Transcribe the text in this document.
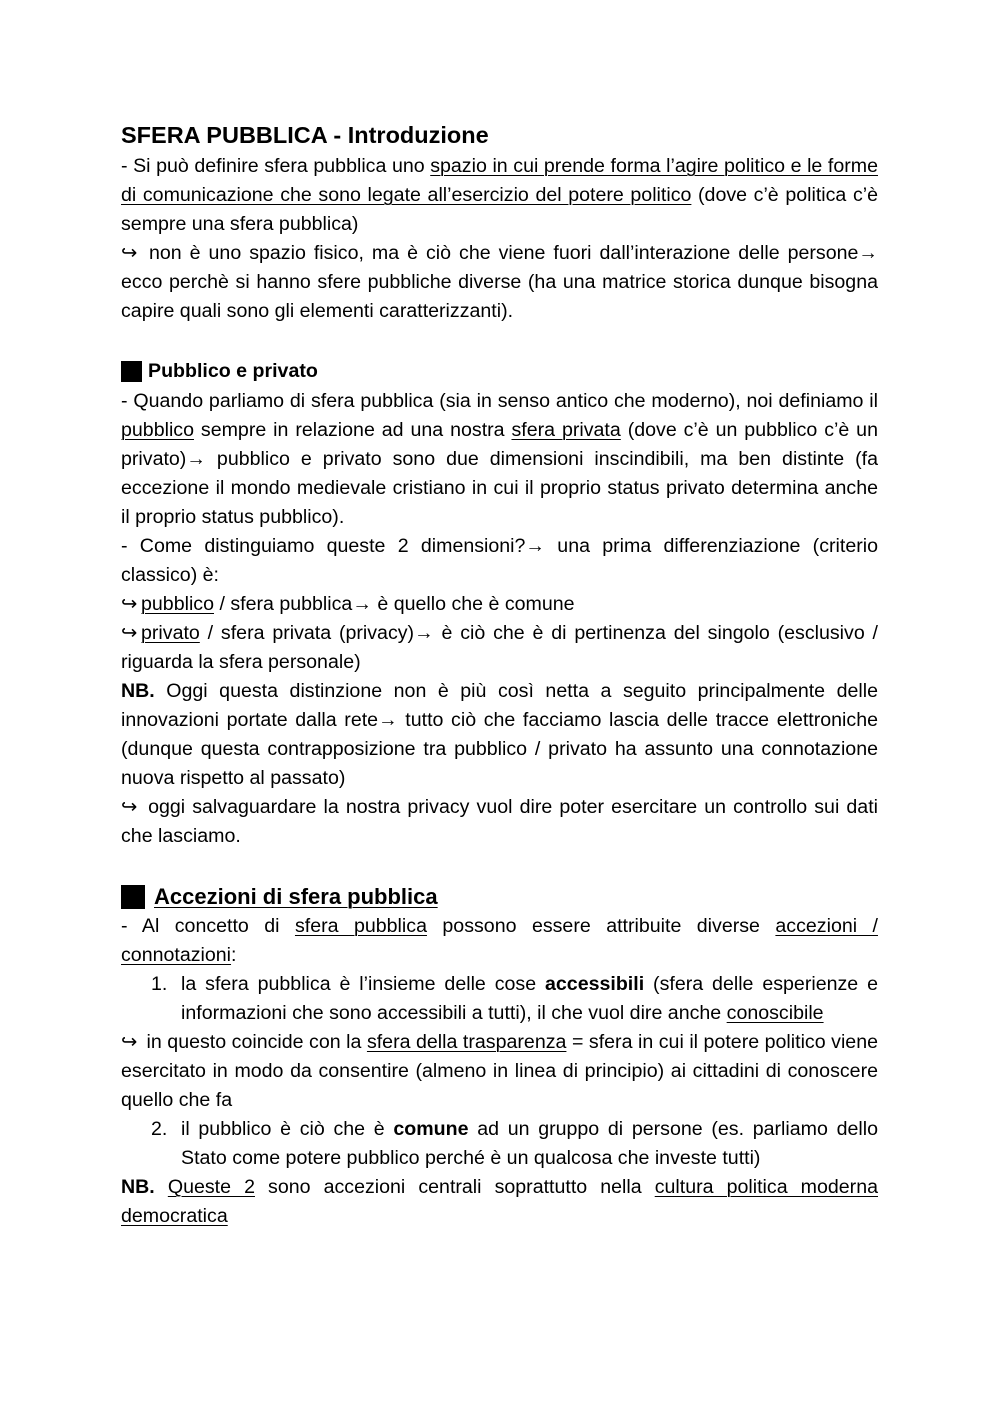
SFERA PUBBLICA - Introduzione

- Si può definire sfera pubblica uno spazio in cui prende forma l’agire politico e le forme di comunicazione che sono legate all’esercizio del potere politico (dove c’è politica c’è sempre una sfera pubblica)

↪ non è uno spazio fisico, ma è ciò che viene fuori dall’interazione delle persone→ ecco perchè si hanno sfere pubbliche diverse (ha una matrice storica dunque bisogna capire quali sono gli elementi caratterizzanti).

Pubblico e privato

- Quando parliamo di sfera pubblica (sia in senso antico che moderno), noi definiamo il pubblico sempre in relazione ad una nostra sfera privata (dove c’è un pubblico c’è un privato)→ pubblico e privato sono due dimensioni inscindibili, ma ben distinte (fa eccezione il mondo medievale cristiano in cui il proprio status privato determina anche il proprio status pubblico).

- Come distinguiamo queste 2 dimensioni?→ una prima differenziazione (criterio classico) è:

↪ pubblico / sfera pubblica→ è quello che è comune

↪ privato / sfera privata (privacy)→ è ciò che è di pertinenza del singolo (esclusivo / riguarda la sfera personale)

NB. Oggi questa distinzione non è più così netta a seguito principalmente delle innovazioni portate dalla rete→ tutto ciò che facciamo lascia delle tracce elettroniche (dunque questa contrapposizione tra pubblico / privato ha assunto una connotazione nuova rispetto al passato)

↪ oggi salvaguardare la nostra privacy vuol dire poter esercitare un controllo sui dati che lasciamo.

Accezioni di sfera pubblica

- Al concetto di sfera pubblica possono essere attribuite diverse accezioni / connotazioni:

1. la sfera pubblica è l’insieme delle cose accessibili (sfera delle esperienze e informazioni che sono accessibili a tutti), il che vuol dire anche conoscibile

↪ in questo coincide con la sfera della trasparenza = sfera in cui il potere politico viene esercitato in modo da consentire (almeno in linea di principio) ai cittadini di conoscere quello che fa

2. il pubblico è ciò che è comune ad un gruppo di persone (es. parliamo dello Stato come potere pubblico perché è un qualcosa che investe tutti)

NB. Queste 2 sono accezioni centrali soprattutto nella cultura politica moderna democratica
